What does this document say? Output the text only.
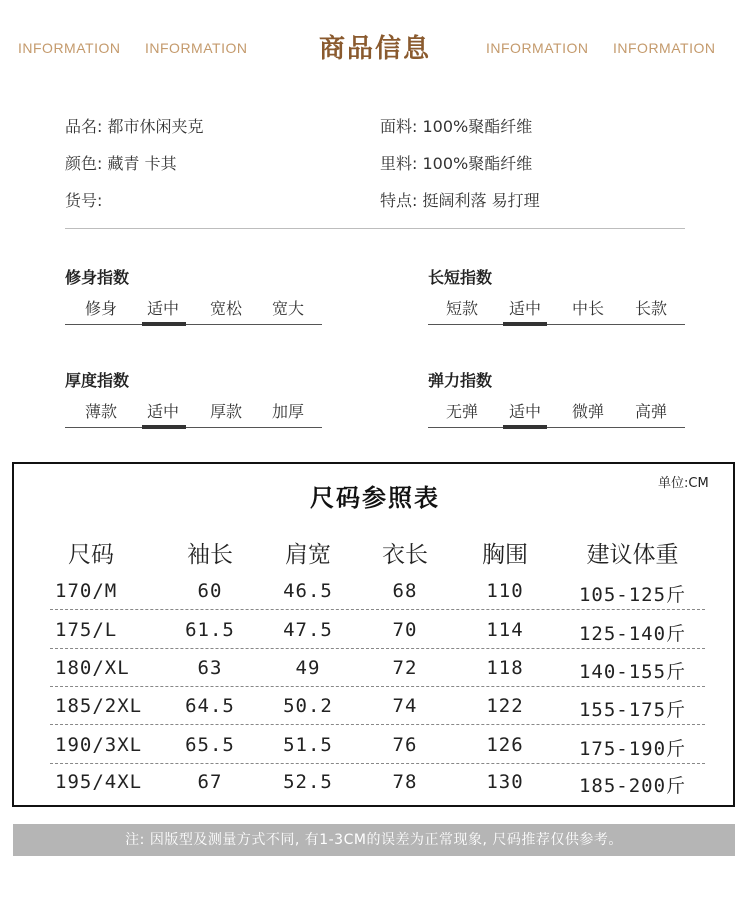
INFORMATION INFORMATION	商品信息	INFORMATION INFORMATION
品名: 都市休闲夹克
颜色: 藏青 卡其
货号:
面料: 100%聚酯纤维
里料: 100%聚酯纤维
特点: 挺阔利落 易打理
修身指数
修身	适中	宽松	宽大
长短指数
短款	适中	中长	长款
厚度指数
薄款	适中	厚款	加厚
弹力指数
无弹	适中	微弹	高弹
尺码参照表
单位:CM
尺码	袖长	肩宽	衣长	胸围	建议体重
170/M	60	46.5	68	110	105-125斤
175/L	61.5	47.5	70	114	125-140斤
180/XL	63	49	72	118	140-155斤
185/2XL	64.5	50.2	74	122	155-175斤
190/3XL	65.5	51.5	76	126	175-190斤
195/4XL	67	52.5	78	130	185-200斤
注: 因版型及测量方式不同, 有1-3CM的误差为正常现象, 尺码推荐仅供参考。
